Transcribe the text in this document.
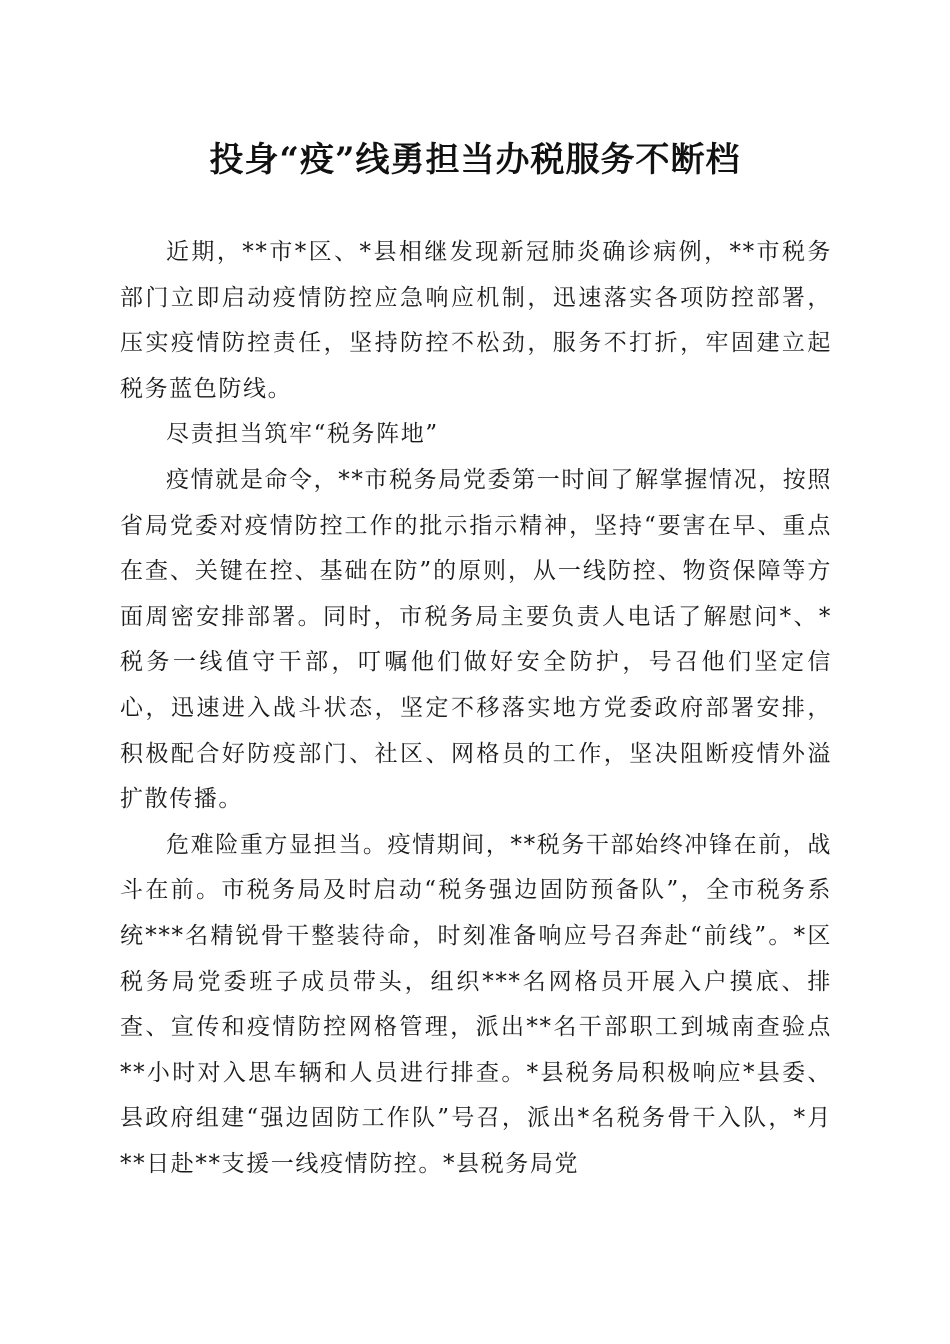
投身“疫”线勇担当办税服务不断档

近期，**市*区、*县相继发现新冠肺炎确诊病例，**市税务部门立即启动疫情防控应急响应机制，迅速落实各项防控部署，压实疫情防控责任，坚持防控不松劲，服务不打折，牢固建立起税务蓝色防线。

尽责担当筑牢“税务阵地”

疫情就是命令，**市税务局党委第一时间了解掌握情况，按照省局党委对疫情防控工作的批示指示精神，坚持“要害在早、重点在查、关键在控、基础在防”的原则，从一线防控、物资保障等方面周密安排部署。同时，市税务局主要负责人电话了解慰问*、*税务一线值守干部，叮嘱他们做好安全防护，号召他们坚定信心，迅速进入战斗状态，坚定不移落实地方党委政府部署安排，积极配合好防疫部门、社区、网格员的工作，坚决阻断疫情外溢扩散传播。

危难险重方显担当。疫情期间，**税务干部始终冲锋在前，战斗在前。市税务局及时启动“税务强边固防预备队”，全市税务系统***名精锐骨干整装待命，时刻准备响应号召奔赴“前线”。*区税务局党委班子成员带头，组织***名网格员开展入户摸底、排查、宣传和疫情防控网格管理，派出**名干部职工到城南查验点**小时对入思车辆和人员进行排查。*县税务局积极响应*县委、县政府组建“强边固防工作队”号召，派出*名税务骨干入队，*月**日赴**支援一线疫情防控。*县税务局党
